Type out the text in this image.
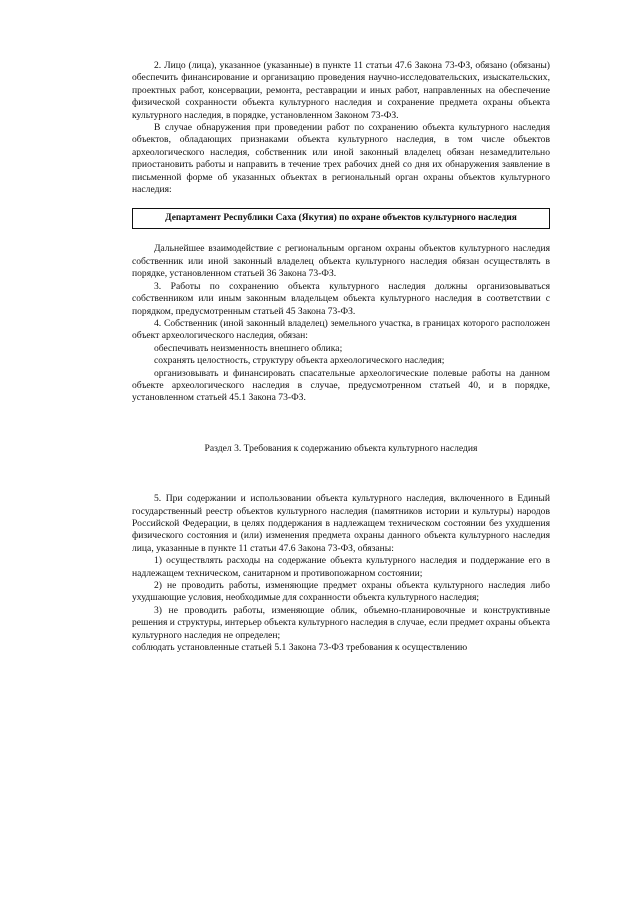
2. Лицо (лица), указанное (указанные) в пункте 11 статьи 47.6 Закона 73-ФЗ, обязано (обязаны) обеспечить финансирование и организацию проведения научно-исследовательских, изыскательских, проектных работ, консервации, ремонта, реставрации и иных работ, направленных на обеспечение физической сохранности объекта культурного наследия и сохранение предмета охраны объекта культурного наследия, в порядке, установленном Законом 73-ФЗ.

В случае обнаружения при проведении работ по сохранению объекта культурного наследия объектов, обладающих признаками объекта культурного наследия, в том числе объектов археологического наследия, собственник или иной законный владелец обязан незамедлительно приостановить работы и направить в течение трех рабочих дней со дня их обнаружения заявление в письменной форме об указанных объектах в региональный орган охраны объектов культурного наследия:

Департамент Республики Саха (Якутия) по охране объектов культурного наследия

Дальнейшее взаимодействие с региональным органом охраны объектов культурного наследия собственник или иной законный владелец объекта культурного наследия обязан осуществлять в порядке, установленном статьей 36 Закона 73-ФЗ.

3. Работы по сохранению объекта культурного наследия должны организовываться собственником или иным законным владельцем объекта культурного наследия в соответствии с порядком, предусмотренным статьей 45 Закона 73-ФЗ.

4. Собственник (иной законный владелец) земельного участка, в границах которого расположен объект археологического наследия, обязан:

обеспечивать неизменность внешнего облика;

сохранять целостность, структуру объекта археологического наследия;

организовывать и финансировать спасательные археологические полевые работы на данном объекте археологического наследия в случае, предусмотренном статьей 40, и в порядке, установленном статьей 45.1 Закона 73-ФЗ.

Раздел 3. Требования к содержанию объекта культурного наследия

5. При содержании и использовании объекта культурного наследия, включенного в Единый государственный реестр объектов культурного наследия (памятников истории и культуры) народов Российской Федерации, в целях поддержания в надлежащем техническом состоянии без ухудшения физического состояния и (или) изменения предмета охраны данного объекта культурного наследия лица, указанные в пункте 11 статьи 47.6 Закона 73-ФЗ, обязаны:

1) осуществлять расходы на содержание объекта культурного наследия и поддержание его в надлежащем техническом, санитарном и противопожарном состоянии;

2) не проводить работы, изменяющие предмет охраны объекта культурного наследия либо ухудшающие условия, необходимые для сохранности объекта культурного наследия;

3) не проводить работы, изменяющие облик, объемно-планировочные и конструктивные решения и структуры, интерьер объекта культурного наследия в случае, если предмет охраны объекта культурного наследия не определен;

соблюдать установленные статьей 5.1 Закона 73-ФЗ требования к осуществлению
